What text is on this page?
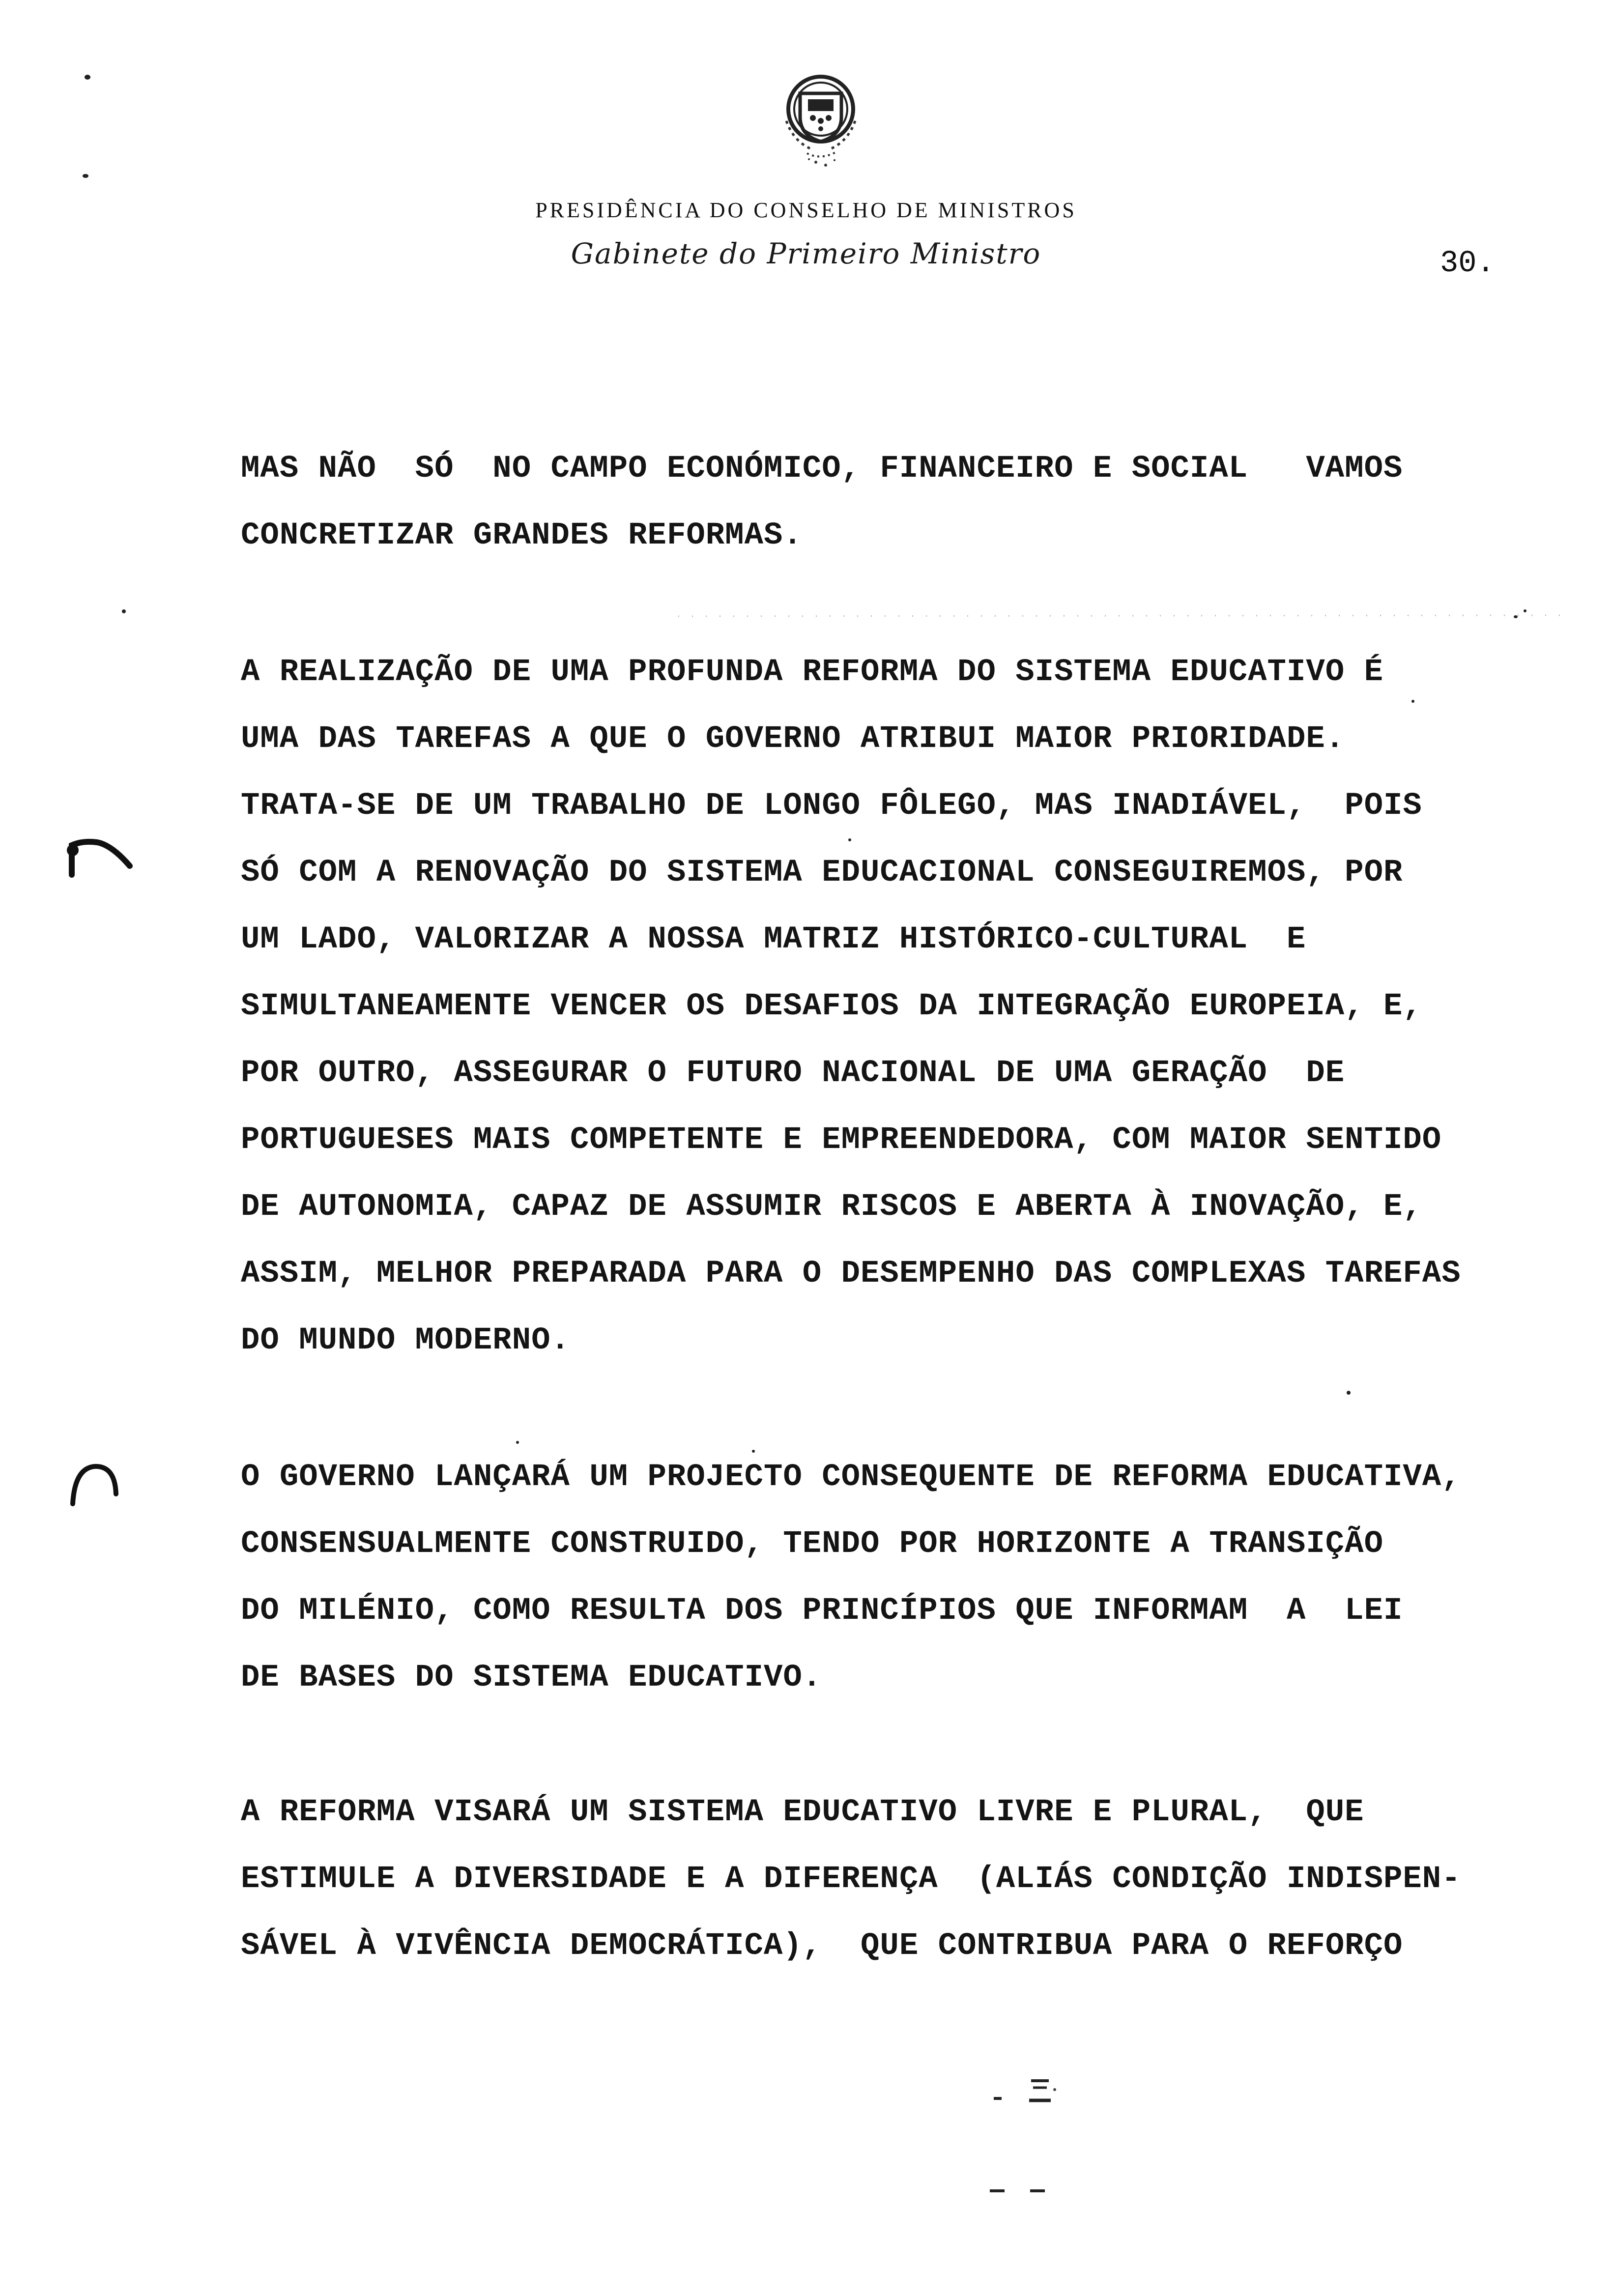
PRESIDÊNCIA DO CONSELHO DE MINISTROS
Gabinete do Primeiro Ministro	30.
MAS NÃO  SÓ  NO CAMPO ECONÓMICO, FINANCEIRO E SOCIAL   VAMOS
CONCRETIZAR GRANDES REFORMAS.
A REALIZAÇÃO DE UMA PROFUNDA REFORMA DO SISTEMA EDUCATIVO É
UMA DAS TAREFAS A QUE O GOVERNO ATRIBUI MAIOR PRIORIDADE.
TRATA-SE DE UM TRABALHO DE LONGO FÔLEGO, MAS INADIÁVEL,  POIS
SÓ COM A RENOVAÇÃO DO SISTEMA EDUCACIONAL CONSEGUIREMOS, POR
UM LADO, VALORIZAR A NOSSA MATRIZ HISTÓRICO-CULTURAL  E
SIMULTANEAMENTE VENCER OS DESAFIOS DA INTEGRAÇÃO EUROPEIA, E,
POR OUTRO, ASSEGURAR O FUTURO NACIONAL DE UMA GERAÇÃO  DE
PORTUGUESES MAIS COMPETENTE E EMPREENDEDORA, COM MAIOR SENTIDO
DE AUTONOMIA, CAPAZ DE ASSUMIR RISCOS E ABERTA À INOVAÇÃO, E,
ASSIM, MELHOR PREPARADA PARA O DESEMPENHO DAS COMPLEXAS TAREFAS
DO MUNDO MODERNO.
O GOVERNO LANÇARÁ UM PROJECTO CONSEQUENTE DE REFORMA EDUCATIVA,
CONSENSUALMENTE CONSTRUIDO, TENDO POR HORIZONTE A TRANSIÇÃO
DO MILÉNIO, COMO RESULTA DOS PRINCÍPIOS QUE INFORMAM  A  LEI
DE BASES DO SISTEMA EDUCATIVO.
A REFORMA VISARÁ UM SISTEMA EDUCATIVO LIVRE E PLURAL,  QUE
ESTIMULE A DIVERSIDADE E A DIFERENÇA  (ALIÁS CONDIÇÃO INDISPEN-
SÁVEL À VIVÊNCIA DEMOCRÁTICA),  QUE CONTRIBUA PARA O REFORÇO
